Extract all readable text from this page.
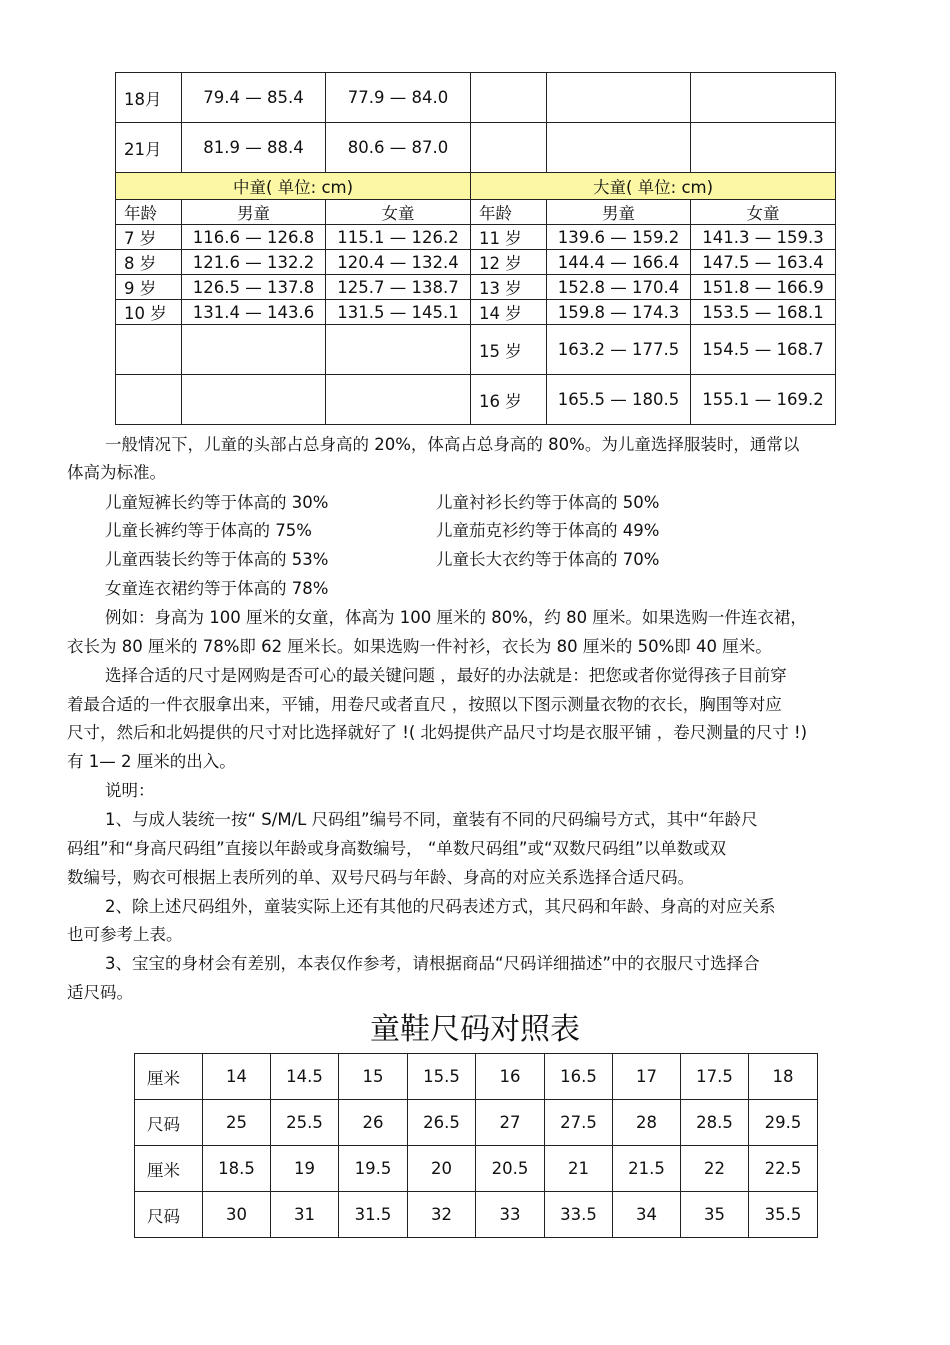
18月	79.4 — 85.4	77.9 — 84.0			
21月	81.9 — 88.4	80.6 — 87.0			
中童( 单位: cm)			大童( 单位: cm)		
年龄	男童	女童	年龄	男童	女童
7 岁	116.6 — 126.8	115.1 — 126.2	11 岁	139.6 — 159.2	141.3 — 159.3
8 岁	121.6 — 132.2	120.4 — 132.4	12 岁	144.4 — 166.4	147.5 — 163.4
9 岁	126.5 — 137.8	125.7 — 138.7	13 岁	152.8 — 170.4	151.8 — 166.9
10 岁	131.4 — 143.6	131.5 — 145.1	14 岁	159.8 — 174.3	153.5 — 168.1
			15 岁	163.2 — 177.5	154.5 — 168.7
			16 岁	165.5 — 180.5	155.1 — 169.2
一般情况下，儿童的头部占总身高的 20%，体高占总身高的 80%。为儿童选择服装时，通常以
体高为标准。
儿童短裤长约等于体高的 30%	儿童衬衫长约等于体高的 50%
儿童长裤约等于体高的 75%	儿童茄克衫约等于体高的 49%
儿童西装长约等于体高的 53%	儿童长大衣约等于体高的 70%
女童连衣裙约等于体高的 78%
例如：身高为 100 厘米的女童，体高为 100 厘米的 80%，约 80 厘米。如果选购一件连衣裙，
衣长为 80 厘米的 78%即 62 厘米长。如果选购一件衬衫，衣长为 80 厘米的 50%即 40 厘米。
选择合适的尺寸是网购是否可心的最关键问题 ，最好的办法就是：把您或者你觉得孩子目前穿
着最合适的一件衣服拿出来，平铺，用卷尺或者直尺 ，按照以下图示测量衣物的衣长，胸围等对应
尺寸，然后和北妈提供的尺寸对比选择就好了 !( 北妈提供产品尺寸均是衣服平铺 ，卷尺测量的尺寸 !)
有 1— 2 厘米的出入。
说明：
1、与成人装统一按“ S/M/L 尺码组”编号不同，童装有不同的尺码编号方式，其中“年龄尺
码组”和“身高尺码组”直接以年龄或身高数编号， “单数尺码组”或“双数尺码组”以单数或双
数编号，购衣可根据上表所列的单、双号尺码与年龄、身高的对应关系选择合适尺码。
2、除上述尺码组外，童装实际上还有其他的尺码表述方式，其尺码和年龄、身高的对应关系
也可参考上表。
3、宝宝的身材会有差别，本表仅作参考，请根据商品“尺码详细描述”中的衣服尺寸选择合
适尺码。
童鞋尺码对照表
厘米	14	14.5	15	15.5	16	16.5	17	17.5	18
尺码	25	25.5	26	26.5	27	27.5	28	28.5	29.5
厘米	18.5	19	19.5	20	20.5	21	21.5	22	22.5
尺码	30	31	31.5	32	33	33.5	34	35	35.5
